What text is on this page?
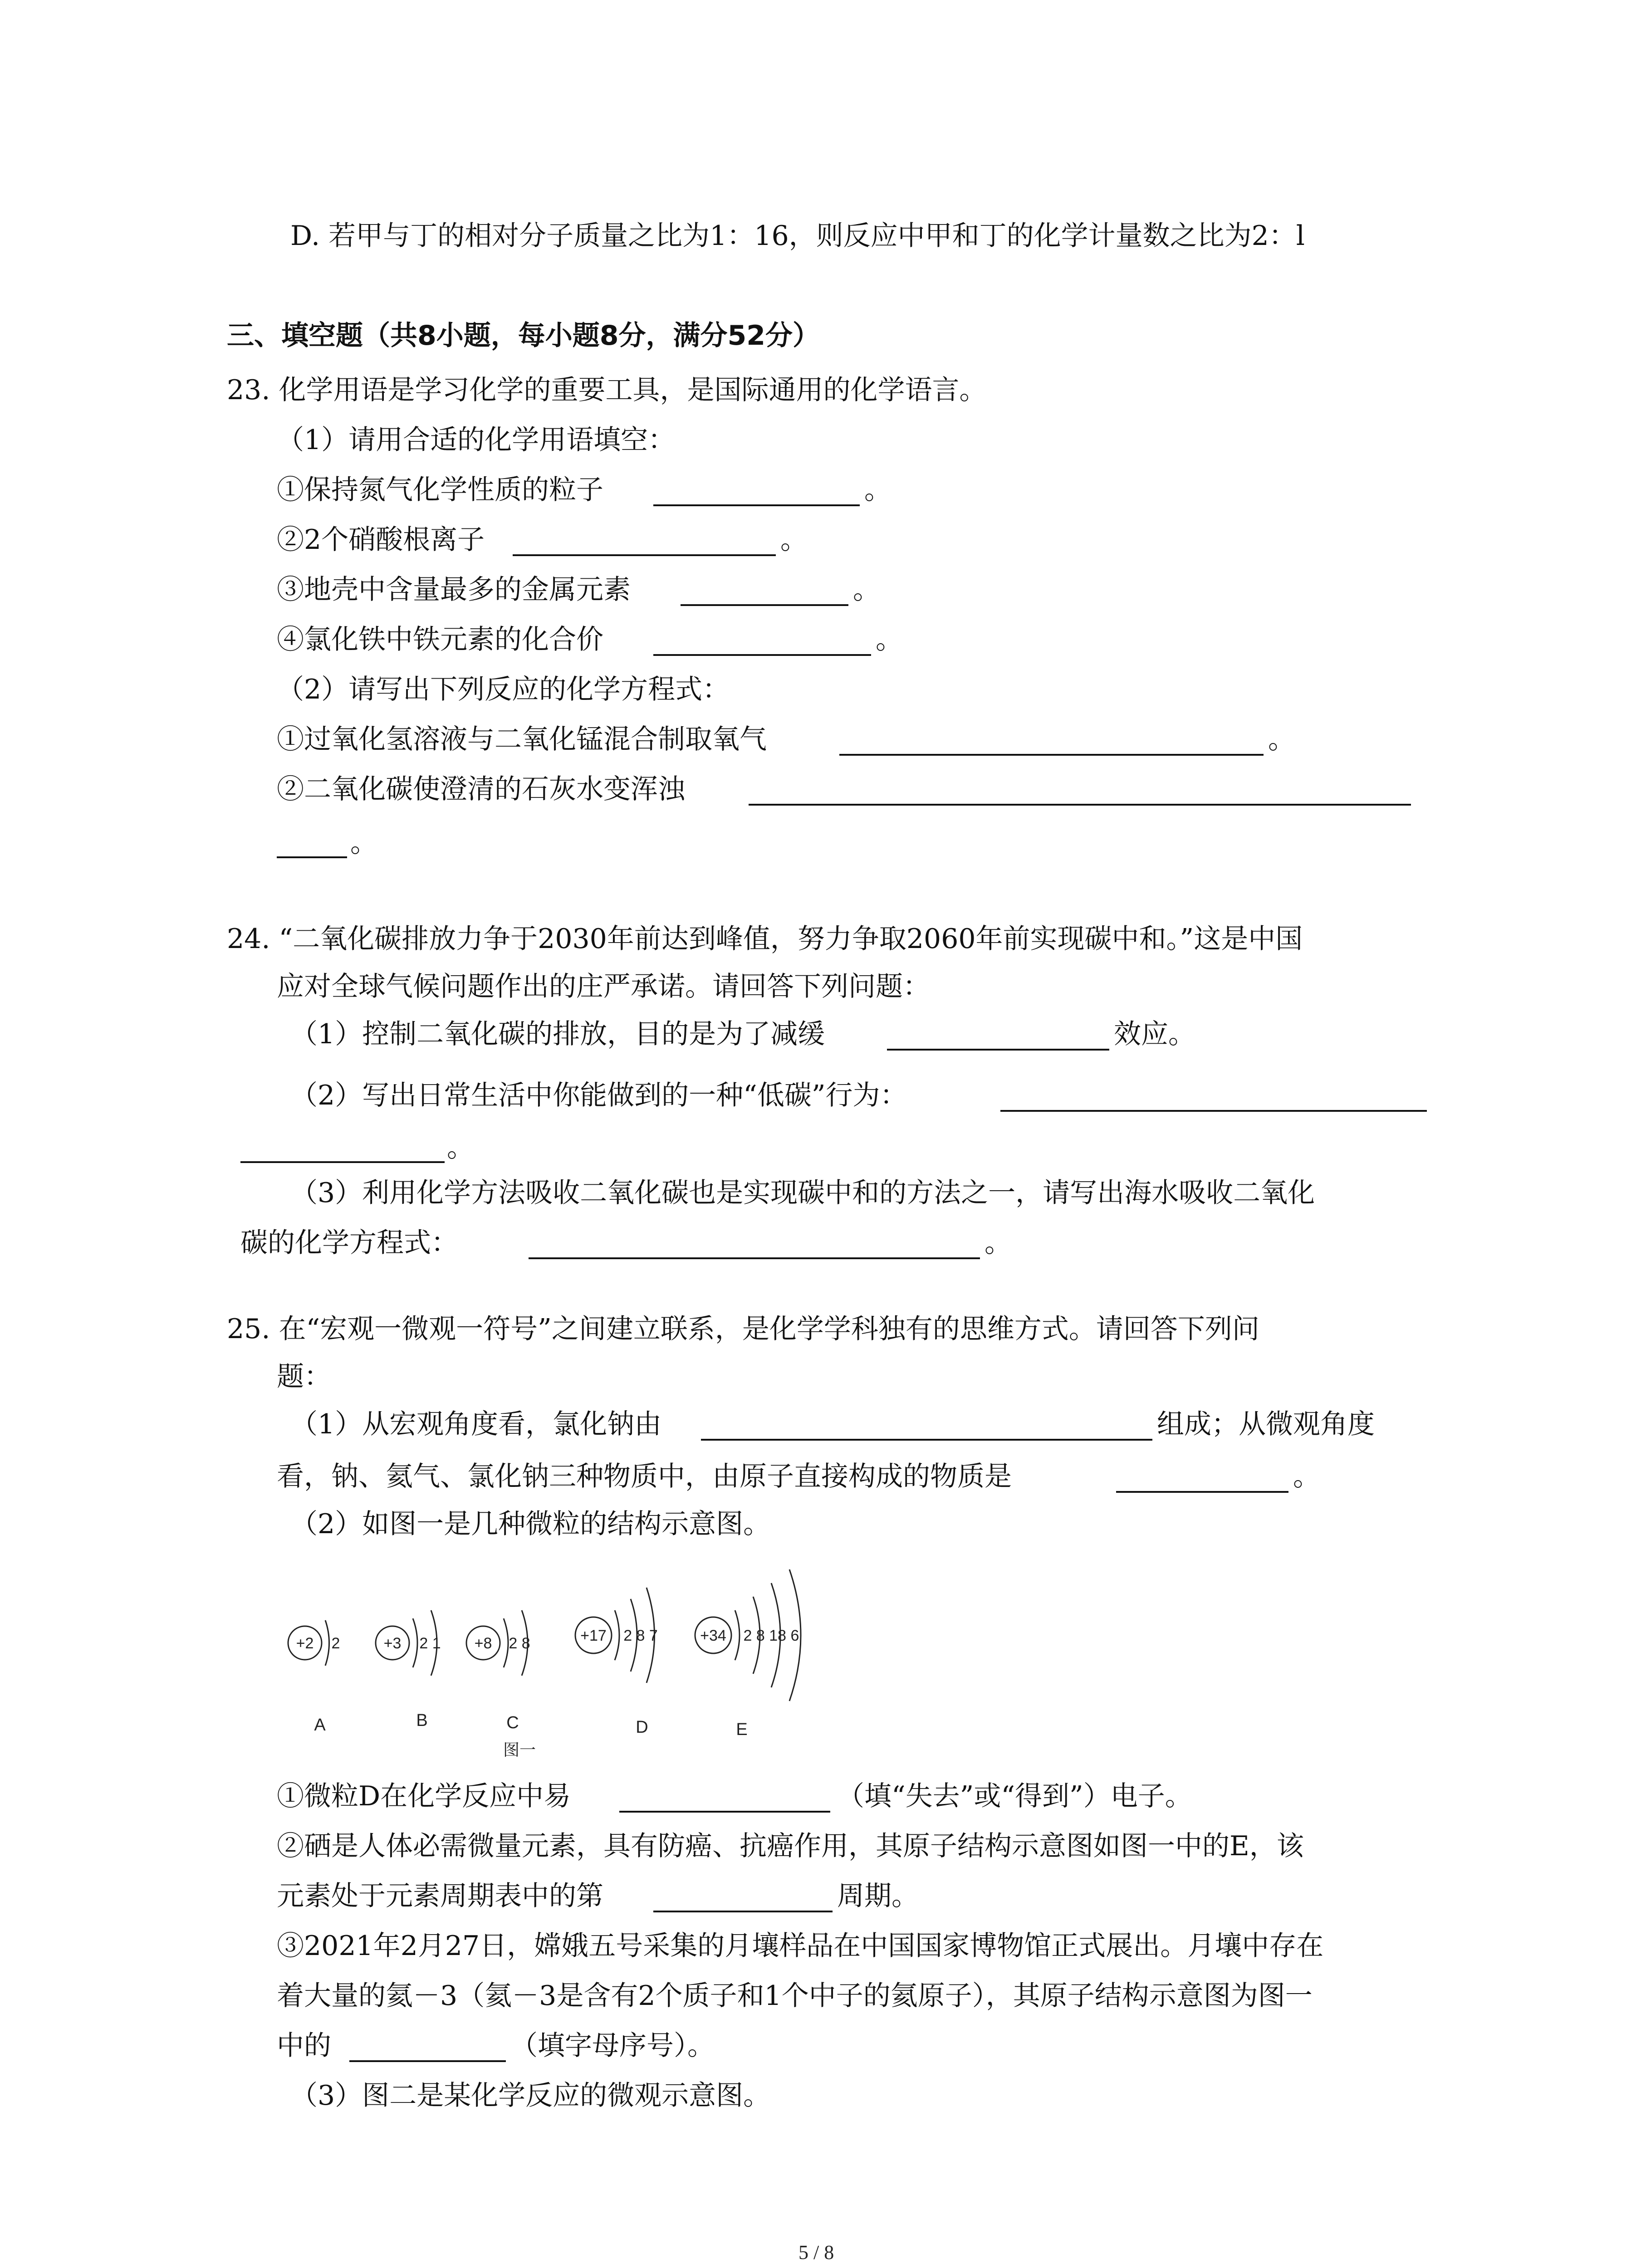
D. 若甲与丁的相对分子质量之比为1：16，则反应中甲和丁的化学计量数之比为2：l
三、填空题（共8小题，每小题8分，满分52分）
23. 化学用语是学习化学的重要工具，是国际通用的化学语言。
（1）请用合适的化学用语填空：
①保持氮气化学性质的粒子	。
②2个硝酸根离子	。
③地壳中含量最多的金属元素	。
④氯化铁中铁元素的化合价	。
（2）请写出下列反应的化学方程式：
①过氧化氢溶液与二氧化锰混合制取氧气	。
②二氧化碳使澄清的石灰水变浑浊
。
24. “二氧化碳排放力争于2030年前达到峰值，努力争取2060年前实现碳中和。”这是中国
应对全球气候问题作出的庄严承诺。请回答下列问题：
（1）控制二氧化碳的排放，目的是为了减缓	效应。
（2）写出日常生活中你能做到的一种“低碳”行为：
。
（3）利用化学方法吸收二氧化碳也是实现碳中和的方法之一，请写出海水吸收二氧化
碳的化学方程式：	。
25. 在“宏观一微观一符号”之间建立联系，是化学学科独有的思维方式。请回答下列问
题：
（1）从宏观角度看，氯化钠由	组成；从微观角度
看，钠、氦气、氯化钠三种物质中，由原子直接构成的物质是	。
（2）如图一是几种微粒的结构示意图。
+2 2	+3 2 1 +8 2 8	+17 2 8 7	+34 2 8 18 6
A	B	C	D	E
图一
①微粒D在化学反应中易	（填“失去”或“得到”）电子。
②硒是人体必需微量元素，具有防癌、抗癌作用，其原子结构示意图如图一中的E，该
元素处于元素周期表中的第	周期。
③2021年2月27日，嫦娥五号采集的月壤样品在中国国家博物馆正式展出。月壤中存在
着大量的氦－3（氦－3是含有2个质子和1个中子的氦原子），其原子结构示意图为图一
中的	（填字母序号）。
（3）图二是某化学反应的微观示意图。
5 / 8
